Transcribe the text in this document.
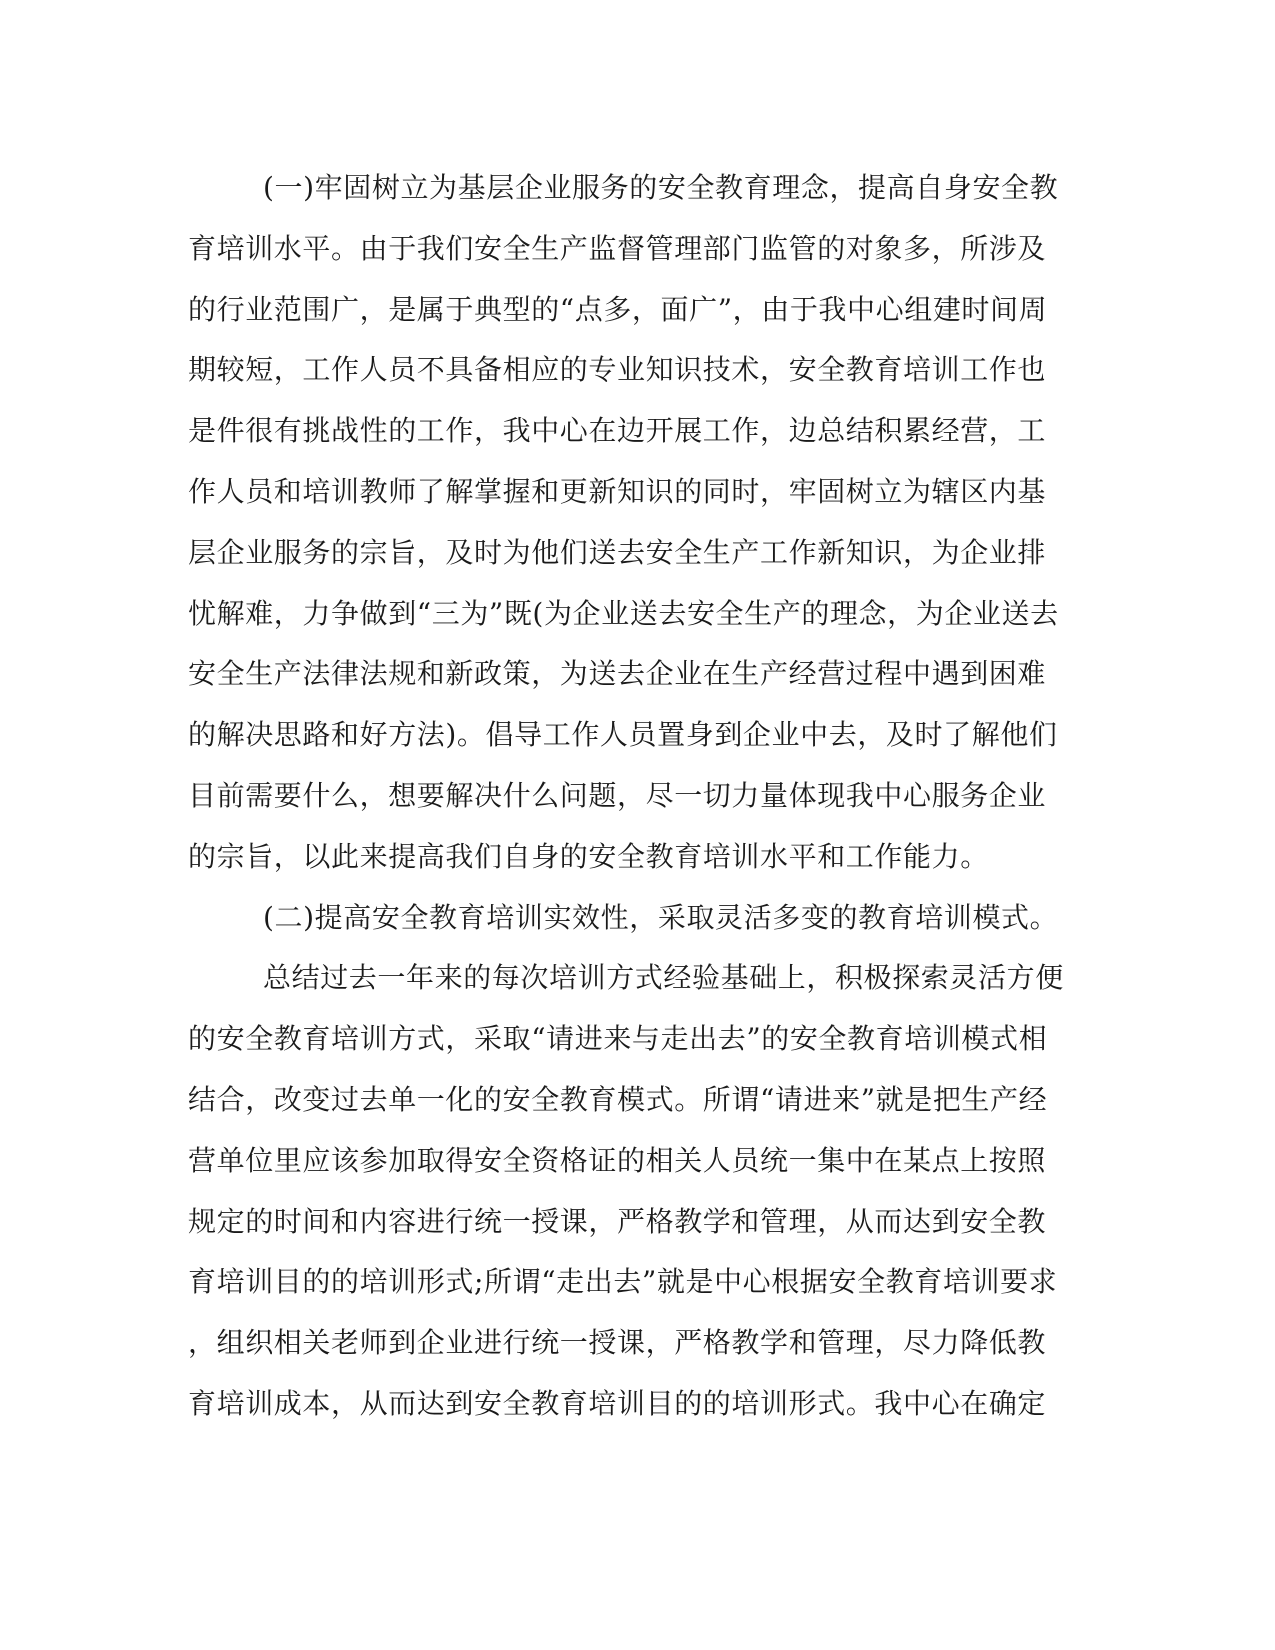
(一)牢固树立为基层企业服务的安全教育理念，提高自身安全教
育培训水平。由于我们安全生产监督管理部门监管的对象多，所涉及
的行业范围广，是属于典型的“点多，面广”，由于我中心组建时间周
期较短，工作人员不具备相应的专业知识技术，安全教育培训工作也
是件很有挑战性的工作，我中心在边开展工作，边总结积累经营，工
作人员和培训教师了解掌握和更新知识的同时，牢固树立为辖区内基
层企业服务的宗旨，及时为他们送去安全生产工作新知识，为企业排
忧解难，力争做到“三为”既(为企业送去安全生产的理念，为企业送去
安全生产法律法规和新政策，为送去企业在生产经营过程中遇到困难
的解决思路和好方法)。倡导工作人员置身到企业中去，及时了解他们
目前需要什么，想要解决什么问题，尽一切力量体现我中心服务企业
的宗旨，以此来提高我们自身的安全教育培训水平和工作能力。
(二)提高安全教育培训实效性，采取灵活多变的教育培训模式。
总结过去一年来的每次培训方式经验基础上，积极探索灵活方便
的安全教育培训方式，采取“请进来与走出去”的安全教育培训模式相
结合，改变过去单一化的安全教育模式。所谓“请进来”就是把生产经
营单位里应该参加取得安全资格证的相关人员统一集中在某点上按照
规定的时间和内容进行统一授课，严格教学和管理，从而达到安全教
育培训目的的培训形式;所谓“走出去”就是中心根据安全教育培训要求
，组织相关老师到企业进行统一授课，严格教学和管理，尽力降低教
育培训成本，从而达到安全教育培训目的的培训形式。我中心在确定
